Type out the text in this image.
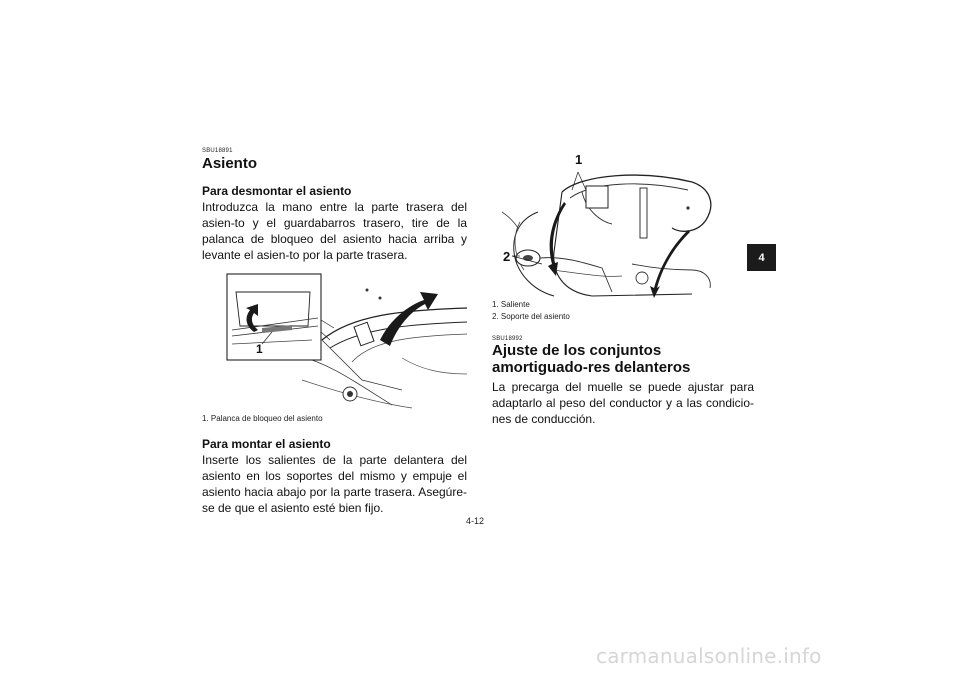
SBU18891
Asiento
Para desmontar el asiento
Introduzca la mano entre la parte trasera del asien-to y el guardabarros trasero, tire de la palanca de bloqueo del asiento hacia arriba y levante el asien-to por la parte trasera.
1
1. Palanca de bloqueo del asiento
Para montar el asiento
Inserte los salientes de la parte delantera del asiento en los soportes del mismo y empuje el asiento hacia abajo por la parte trasera. Asegúre-se de que el asiento esté bien fijo.
1
2
1. Saliente
2. Soporte del asiento
SBU18992
Ajuste de los conjuntos amortiguado-res delanteros
La precarga del muelle se puede ajustar para adaptarlo al peso del conductor y a las condicio-nes de conducción.
4
4-12
carmanualsonline.info
